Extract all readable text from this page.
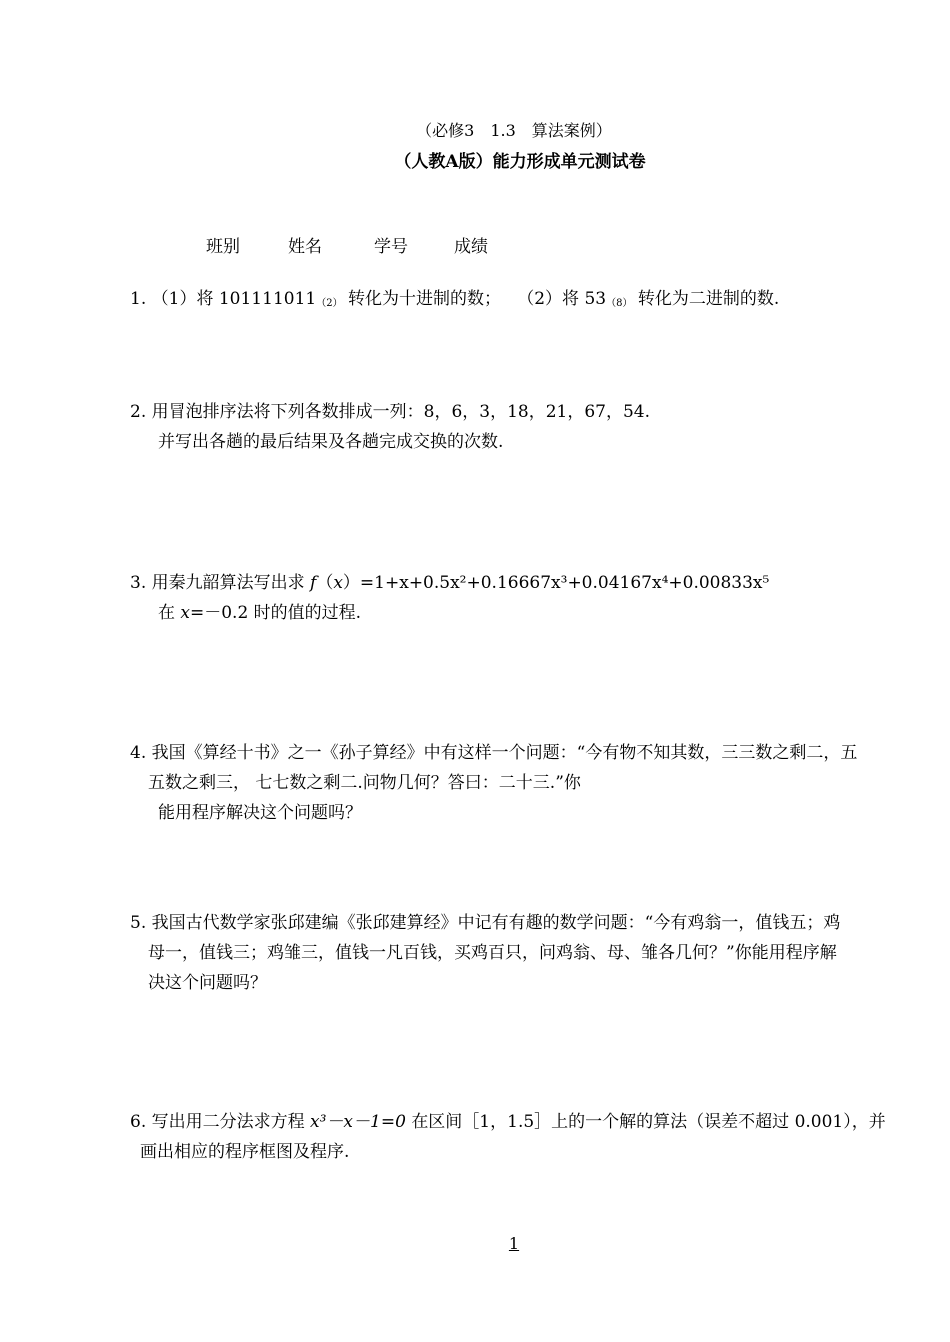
（必修3　1.3　算法案例）
（人教A版）能力形成单元测试卷
班别	姓名	学号	成绩
1. （1）将 $101111011_{(2)}$ 转化为十进制的数； （2）将 $53_{(8)}$ 转化为二进制的数.
2. 用冒泡排序法将下列各数排成一列：8，6，3，18，21，67，54.
并写出各趟的最后结果及各趟完成交换的次数.
3. 用秦九韶算法写出求 f（x）=1+x+0.5x²+0.16667x³+0.04167x⁴+0.00833x⁵
在 x=－0.2 时的值的过程.
4. 我国《算经十书》之一《孙子算经》中有这样一个问题：“今有物不知其数，三三数之剩二，五
五数之剩三， 七七数之剩二.问物几何？答曰：二十三.”你
能用程序解决这个问题吗？
5. 我国古代数学家张邱建编《张邱建算经》中记有有趣的数学问题：“今有鸡翁一，值钱五；鸡
母一，值钱三；鸡雏三，值钱一凡百钱，买鸡百只，问鸡翁、母、雏各几何？”你能用程序解
决这个问题吗？
6. 写出用二分法求方程 x³－x－1=0 在区间［1，1.5］上的一个解的算法（误差不超过 0.001），并
画出相应的程序框图及程序.
1
